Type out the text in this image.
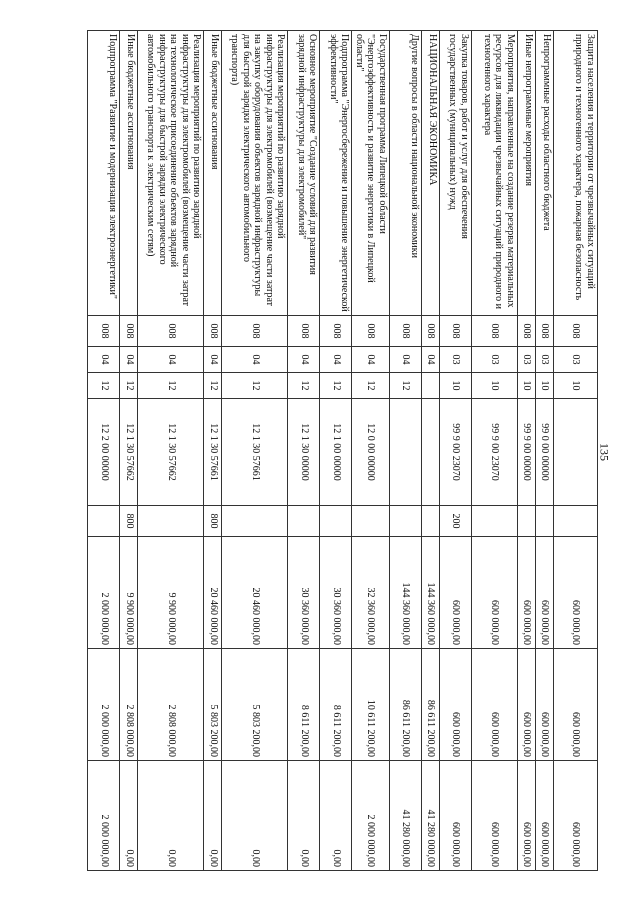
135
Защита населения и территории от чрезвычайных ситуаций природного и техногенного характера, пожарная безопасность	008	03	10			600 000,00	600 000,00	600 000,00
Непрограммные расходы областного бюджета	008	03	10	99 0 00 00000		600 000,00	600 000,00	600 000,00
Иные непрограммные мероприятия	008	03	10	99 9 00 00000		600 000,00	600 000,00	600 000,00
Мероприятия, направленные на создание резерва материальных ресурсов для ликвидации чрезвычайных ситуаций природного и техногенного характера	008	03	10	99 9 00 23070		600 000,00	600 000,00	600 000,00
Закупка товаров, работ и услуг для обеспечения государственных (муниципальных) нужд	008	03	10	99 9 00 23070	200	600 000,00	600 000,00	600 000,00
НАЦИОНАЛЬНАЯ ЭКОНОМИКА	008	04				144 360 000,00	86 611 200,00	41 280 000,00
Другие вопросы в области национальной экономики	008	04	12			144 360 000,00	86 611 200,00	41 280 000,00
Государственная программа Липецкой области "Энергоэффективность и развитие энергетики в Липецкой области"	008	04	12	12 0 00 00000		32 360 000,00	10 611 200,00	2 000 000,00
Подпрограмма "Энергосбережение и повышение энергетической эффективности"	008	04	12	12 1 00 00000		30 360 000,00	8 611 200,00	0,00
Основное мероприятие "Создание условий для развития зарядной инфраструктуры для электромобилей"	008	04	12	12 1 30 00000		30 360 000,00	8 611 200,00	0,00
Реализация мероприятий по развитию зарядной инфраструктуры для электромобилей (возмещение части затрат на закупку оборудования объектов зарядной инфраструктуры для быстрой зарядки электрического автомобильного транспорта)	008	04	12	12 1 30 57661		20 460 000,00	5 803 200,00	0,00
Иные бюджетные ассигнования	008	04	12	12 1 30 57661	800	20 460 000,00	5 803 200,00	0,00
Реализация мероприятий по развитию зарядной инфраструктуры для электромобилей (возмещение части затрат на технологическое присоединение объектов зарядной инфраструктуры для быстрой зарядки электрического автомобильного транспорта к электрическим сетям)	008	04	12	12 1 30 57662		9 900 000,00	2 808 000,00	0,00
Иные бюджетные ассигнования	008	04	12	12 1 30 57662	800	9 900 000,00	2 808 000,00	0,00
Подпрограмма "Развитие и модернизация электроэнергетики"	008	04	12	12 2 00 00000		2 000 000,00	2 000 000,00	2 000 000,00
